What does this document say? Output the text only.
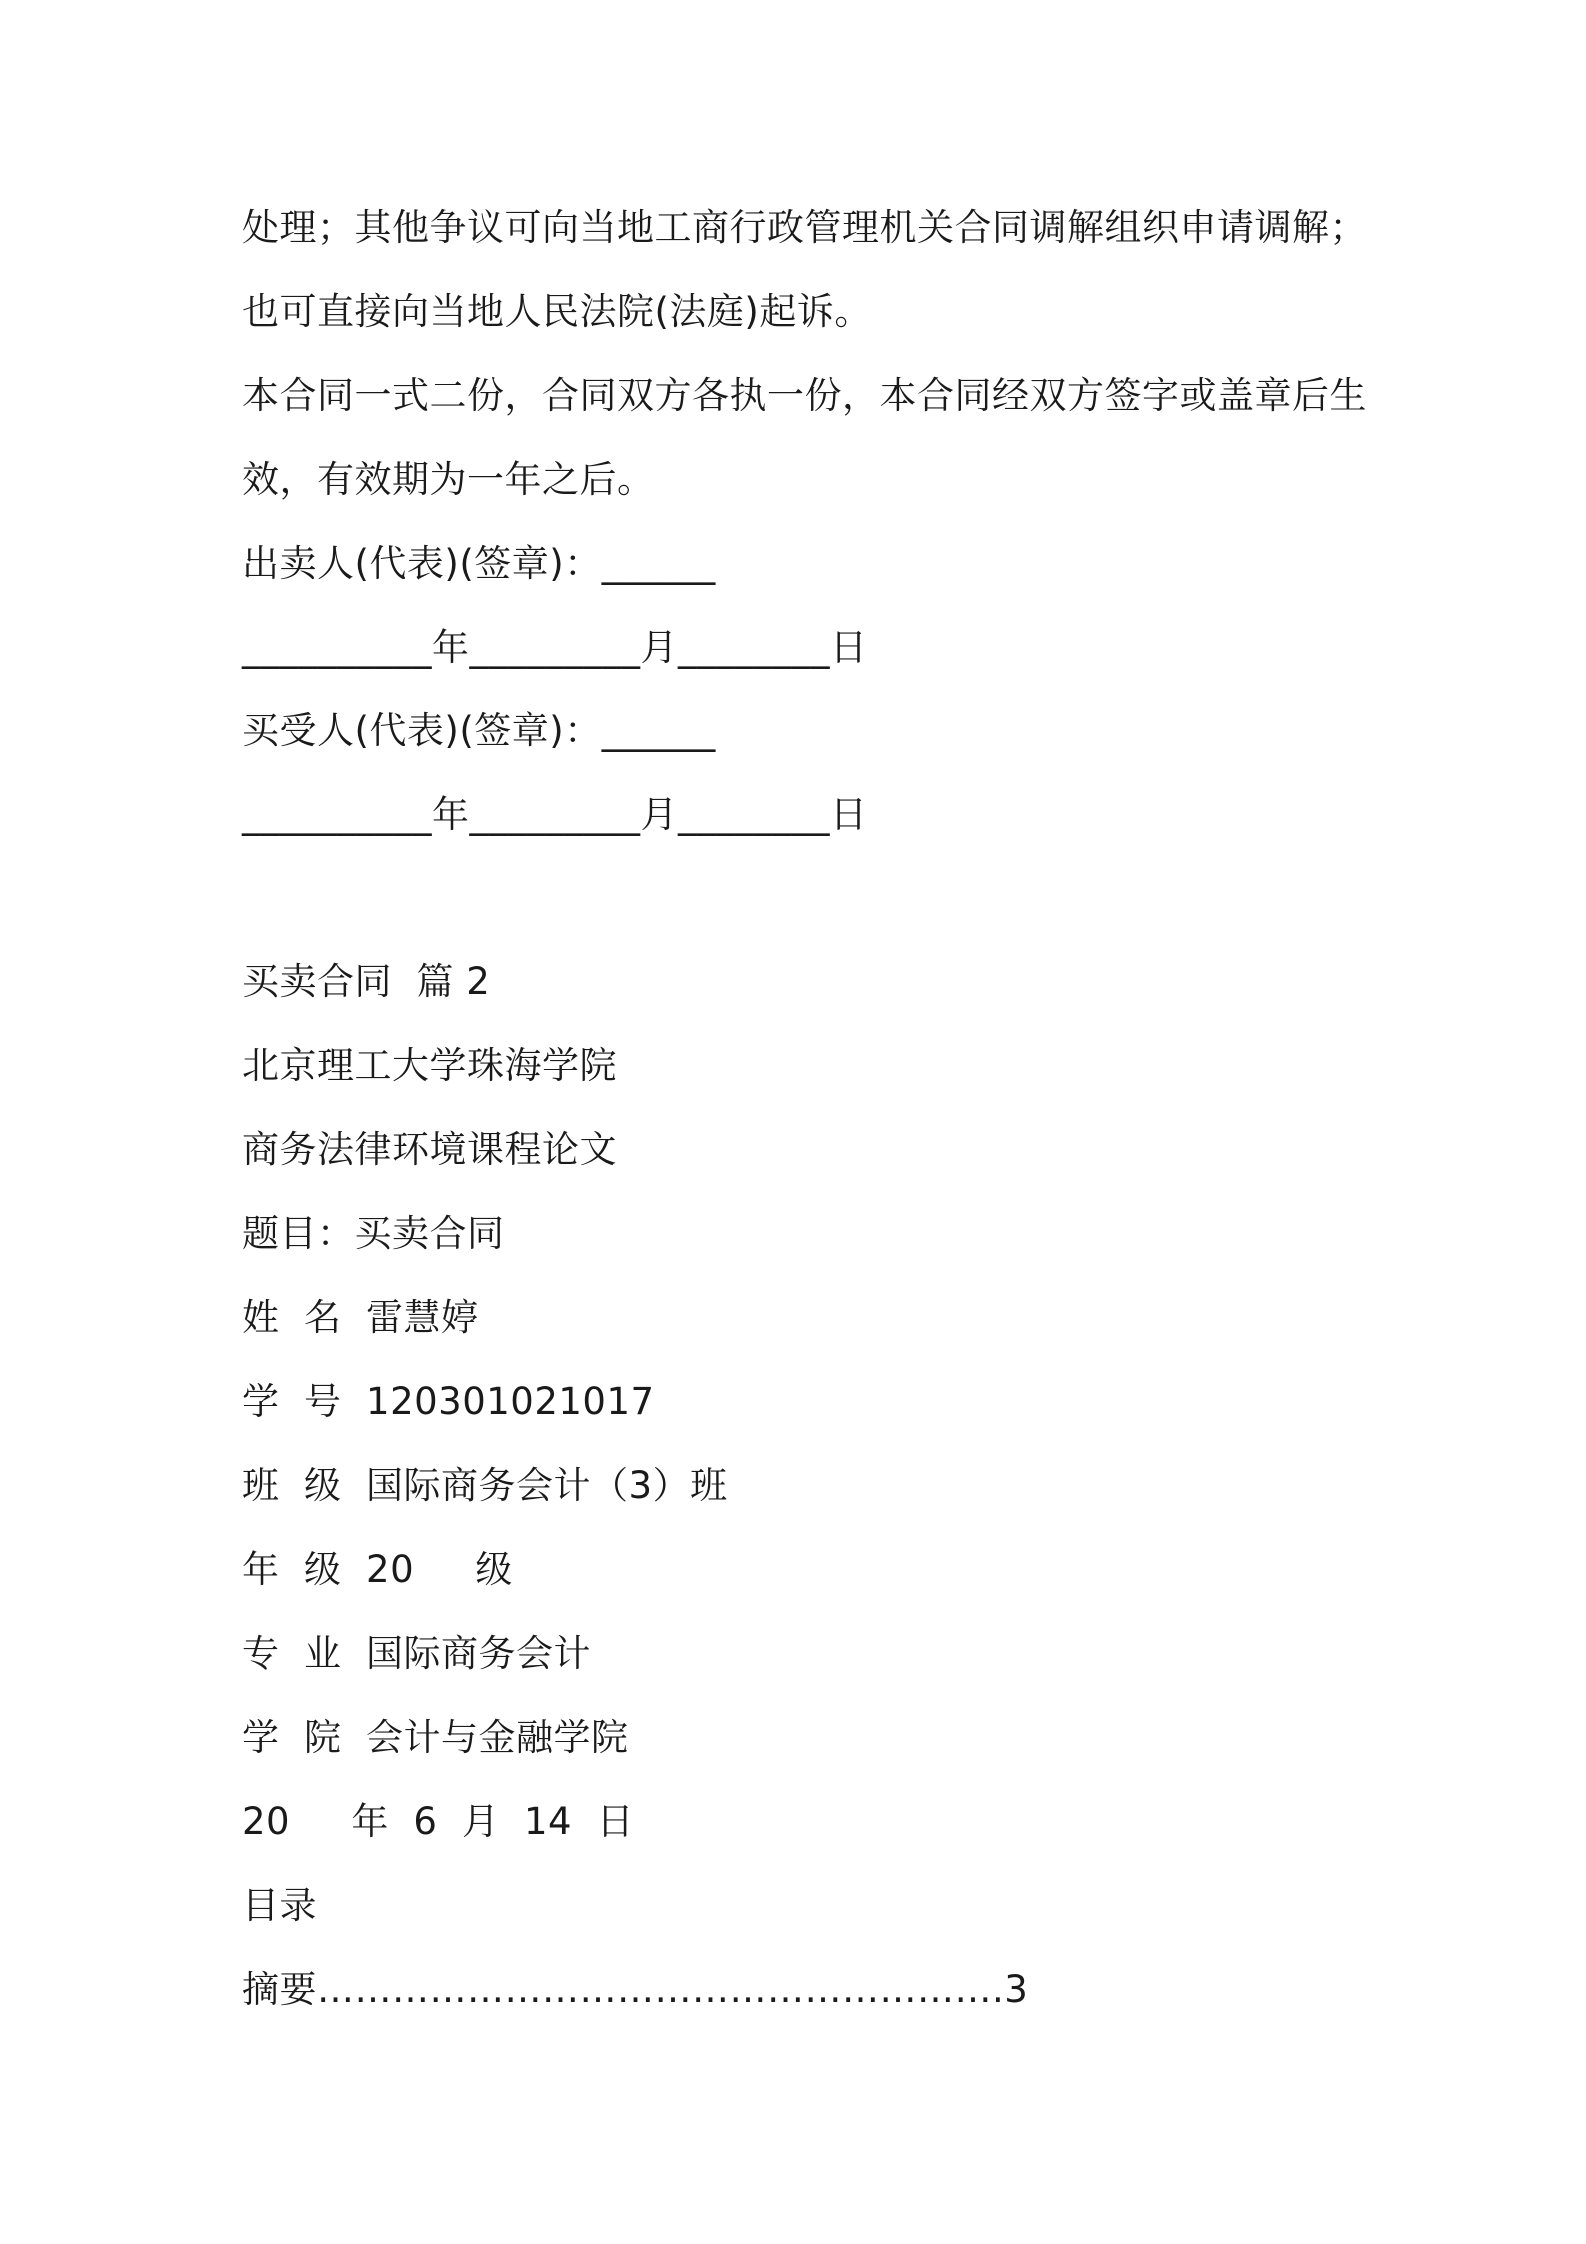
处理；其他争议可向当地工商行政管理机关合同调解组织申请调解；
也可直接向当地人民法院(法庭)起诉。
本合同一式二份，合同双方各执一份，本合同经双方签字或盖章后生
效，有效期为一年之后。
出卖人(代表)(签章)：______
__________年_________月________日
买受人(代表)(签章)：______
__________年_________月________日
买卖合同  篇 2
北京理工大学珠海学院
商务法律环境课程论文
题目：买卖合同
姓  名  雷慧婷
学  号  120301021017
班  级  国际商务会计（3）班
年  级  20     级
专  业  国际商务会计
学  院  会计与金融学院
20     年  6  月  14  日
目录
摘要……………………………………………….3
